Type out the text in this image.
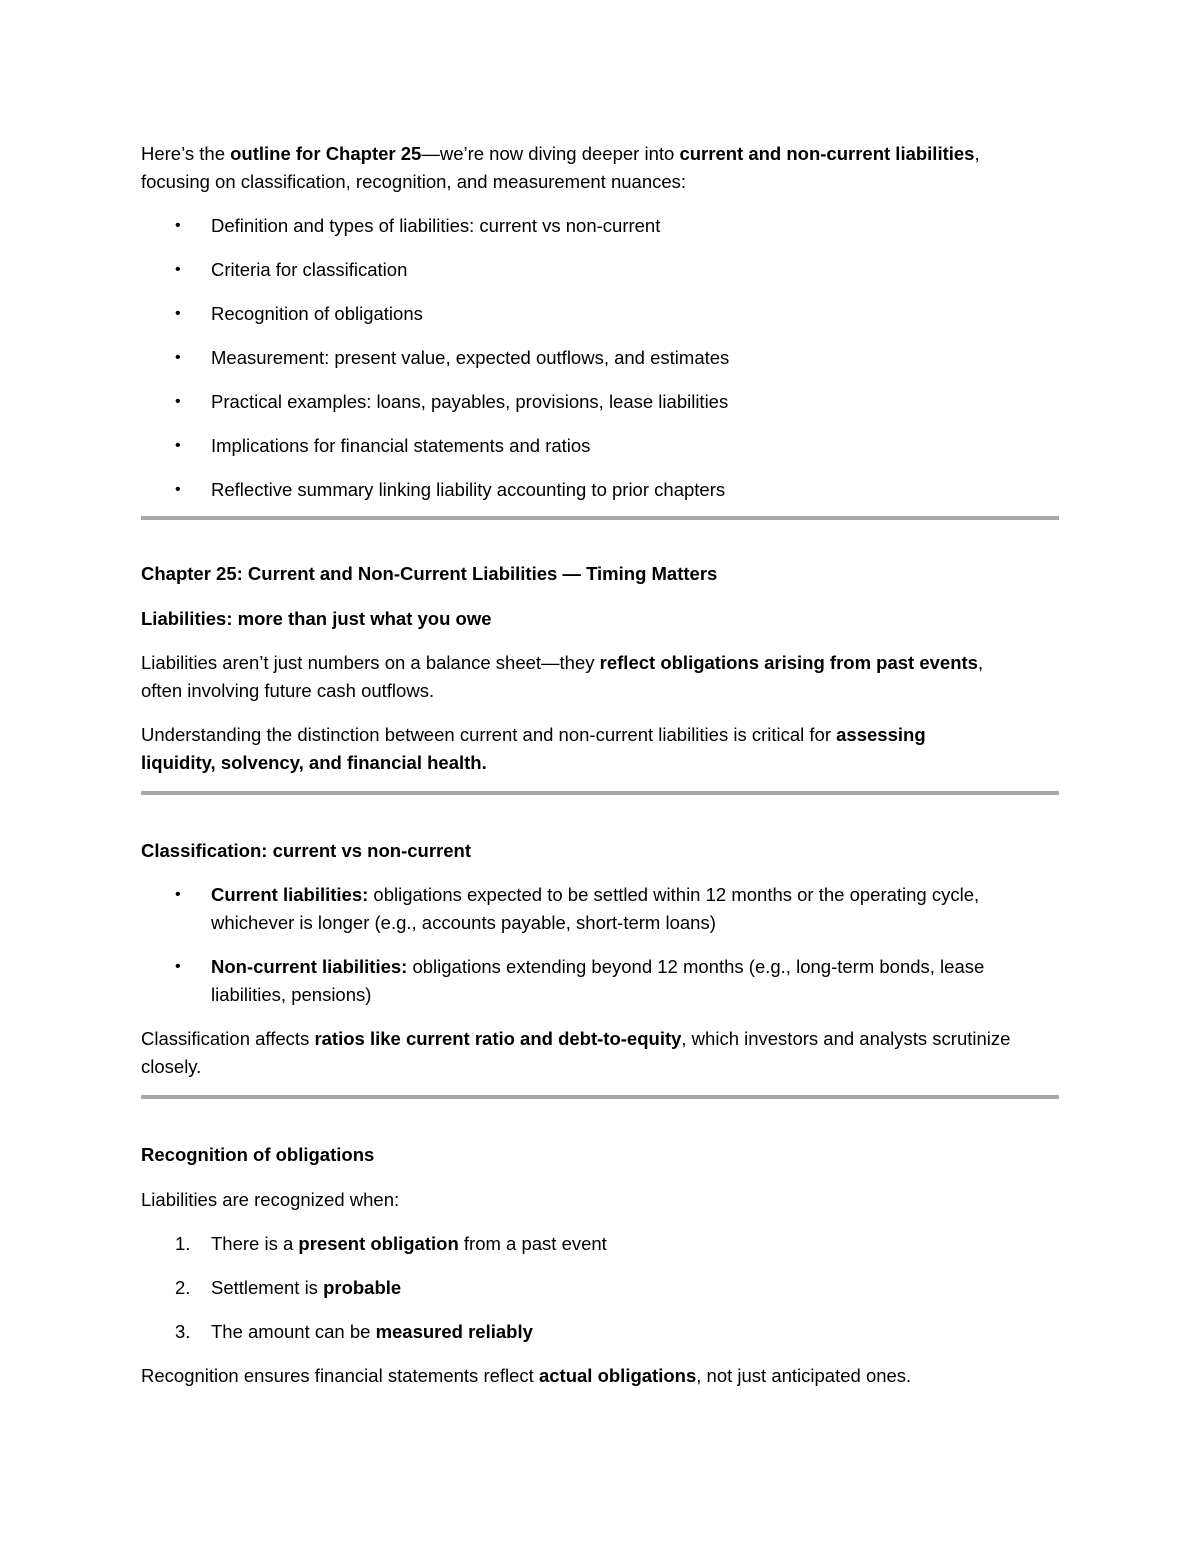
Here’s the outline for Chapter 25—we’re now diving deeper into current and non-current liabilities,
focusing on classification, recognition, and measurement nuances:

• Definition and types of liabilities: current vs non-current
• Criteria for classification
• Recognition of obligations
• Measurement: present value, expected outflows, and estimates
• Practical examples: loans, payables, provisions, lease liabilities
• Implications for financial statements and ratios
• Reflective summary linking liability accounting to prior chapters

Chapter 25: Current and Non-Current Liabilities — Timing Matters

Liabilities: more than just what you owe

Liabilities aren’t just numbers on a balance sheet—they reflect obligations arising from past events,
often involving future cash outflows.

Understanding the distinction between current and non-current liabilities is critical for assessing
liquidity, solvency, and financial health.

Classification: current vs non-current

• Current liabilities: obligations expected to be settled within 12 months or the operating cycle,
whichever is longer (e.g., accounts payable, short-term loans)
• Non-current liabilities: obligations extending beyond 12 months (e.g., long-term bonds, lease
liabilities, pensions)

Classification affects ratios like current ratio and debt-to-equity, which investors and analysts scrutinize
closely.

Recognition of obligations

Liabilities are recognized when:

1. There is a present obligation from a past event
2. Settlement is probable
3. The amount can be measured reliably

Recognition ensures financial statements reflect actual obligations, not just anticipated ones.
